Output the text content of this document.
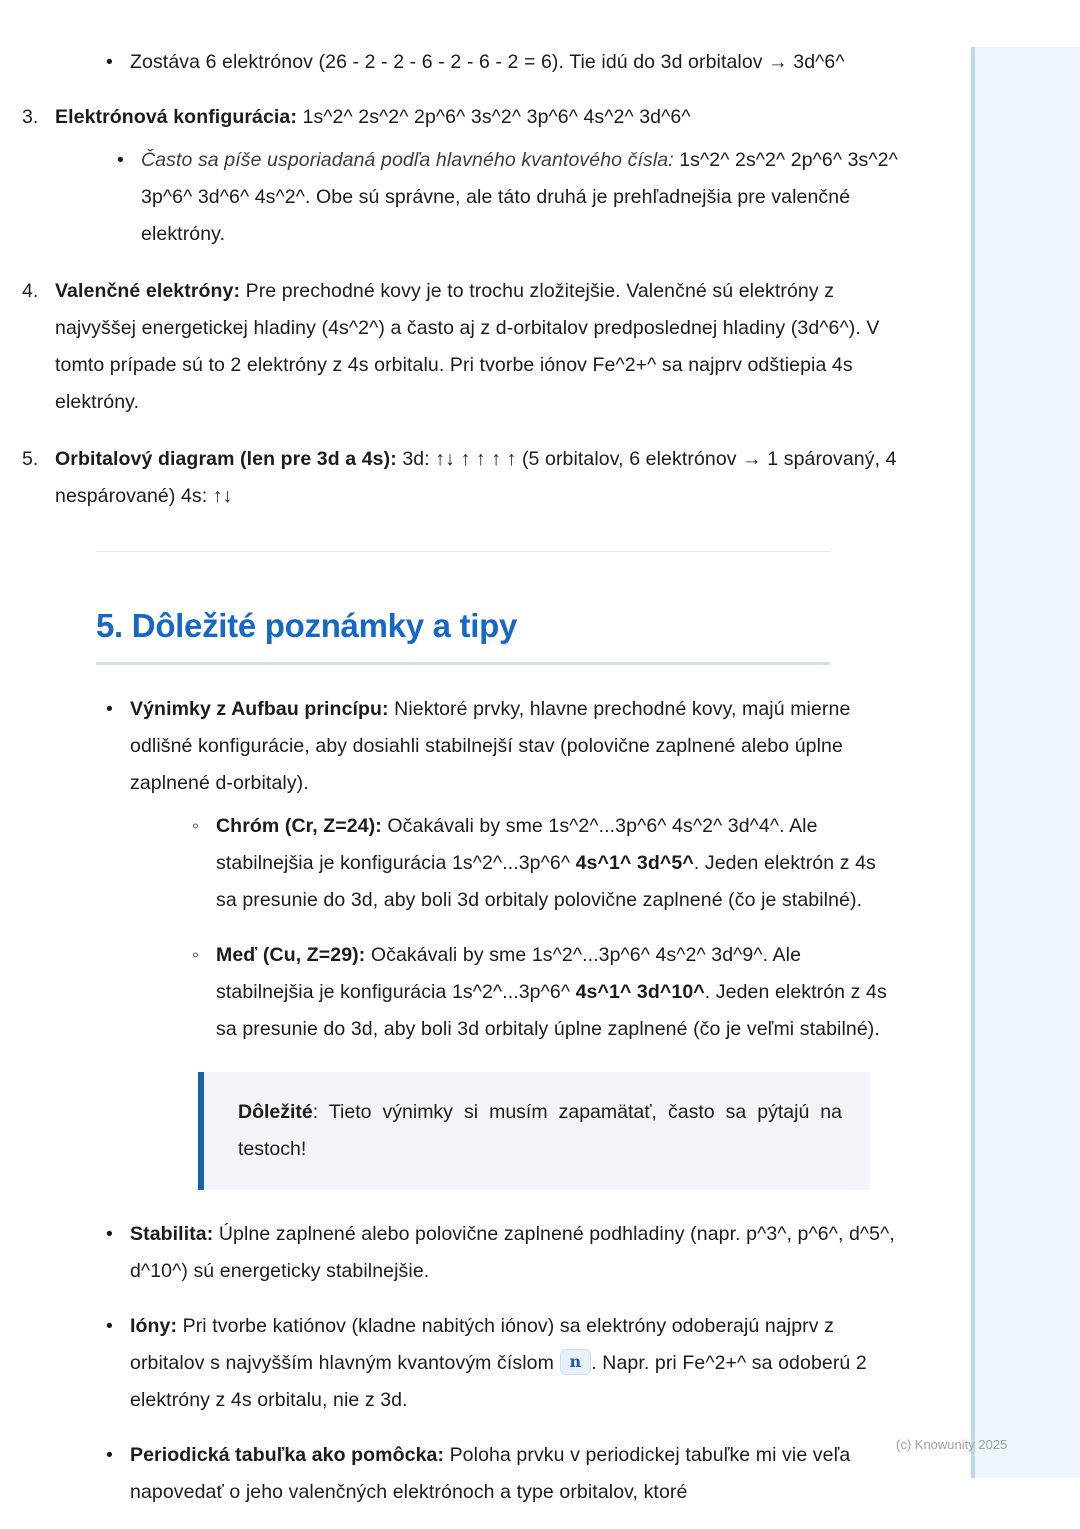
• Zostáva 6 elektrónov (26 - 2 - 2 - 6 - 2 - 6 - 2 = 6). Tie idú do 3d orbitalov → 3d^6^
3. Elektrónová konfigurácia: 1s^2^ 2s^2^ 2p^6^ 3s^2^ 3p^6^ 4s^2^ 3d^6^
• Často sa píše usporiadaná podľa hlavného kvantového čísla: 1s^2^ 2s^2^ 2p^6^ 3s^2^ 3p^6^ 3d^6^ 4s^2^. Obe sú správne, ale táto druhá je prehľadnejšia pre valenčné elektróny.
4. Valenčné elektróny: Pre prechodné kovy je to trochu zložitejšie. Valenčné sú elektróny z najvyššej energetickej hladiny (4s^2^) a často aj z d-orbitalov predposlednej hladiny (3d^6^). V tomto prípade sú to 2 elektróny z 4s orbitalu. Pri tvorbe iónov Fe^2+^ sa najprv odštiepia 4s elektróny.
5. Orbitalový diagram (len pre 3d a 4s): 3d: ↑↓ ↑ ↑ ↑ ↑ (5 orbitalov, 6 elektrónov → 1 spárovaný, 4 nespárované) 4s: ↑↓
5. Dôležité poznámky a tipy
• Výnimky z Aufbau princípu: Niektoré prvky, hlavne prechodné kovy, majú mierne odlišné konfigurácie, aby dosiahli stabilnejší stav (polovične zaplnené alebo úplne zaplnené d-orbitaly).
◦ Chróm (Cr, Z=24): Očakávali by sme 1s^2^...3p^6^ 4s^2^ 3d^4^. Ale stabilnejšia je konfigurácia 1s^2^...3p^6^ 4s^1^ 3d^5^. Jeden elektrón z 4s sa presunie do 3d, aby boli 3d orbitaly polovične zaplnené (čo je stabilné).
◦ Meď (Cu, Z=29): Očakávali by sme 1s^2^...3p^6^ 4s^2^ 3d^9^. Ale stabilnejšia je konfigurácia 1s^2^...3p^6^ 4s^1^ 3d^10^. Jeden elektrón z 4s sa presunie do 3d, aby boli 3d orbitaly úplne zaplnené (čo je veľmi stabilné).

Dôležité: Tieto výnimky si musím zapamätať, často sa pýtajú na testoch!

• Stabilita: Úplne zaplnené alebo polovične zaplnené podhladiny (napr. p^3^, p^6^, d^5^, d^10^) sú energeticky stabilnejšie.
• Ióny: Pri tvorbe katiónov (kladne nabitých iónov) sa elektróny odoberajú najprv z orbitalov s najvyšším hlavným kvantovým číslom n . Napr. pri Fe^2+^ sa odoberú 2 elektróny z 4s orbitalu, nie z 3d.
• Periodická tabuľka ako pomôcka: Poloha prvku v periodickej tabuľke mi vie veľa napovedať o jeho valenčných elektrónoch a type orbitalov, ktoré
(c) Knowunity 2025
